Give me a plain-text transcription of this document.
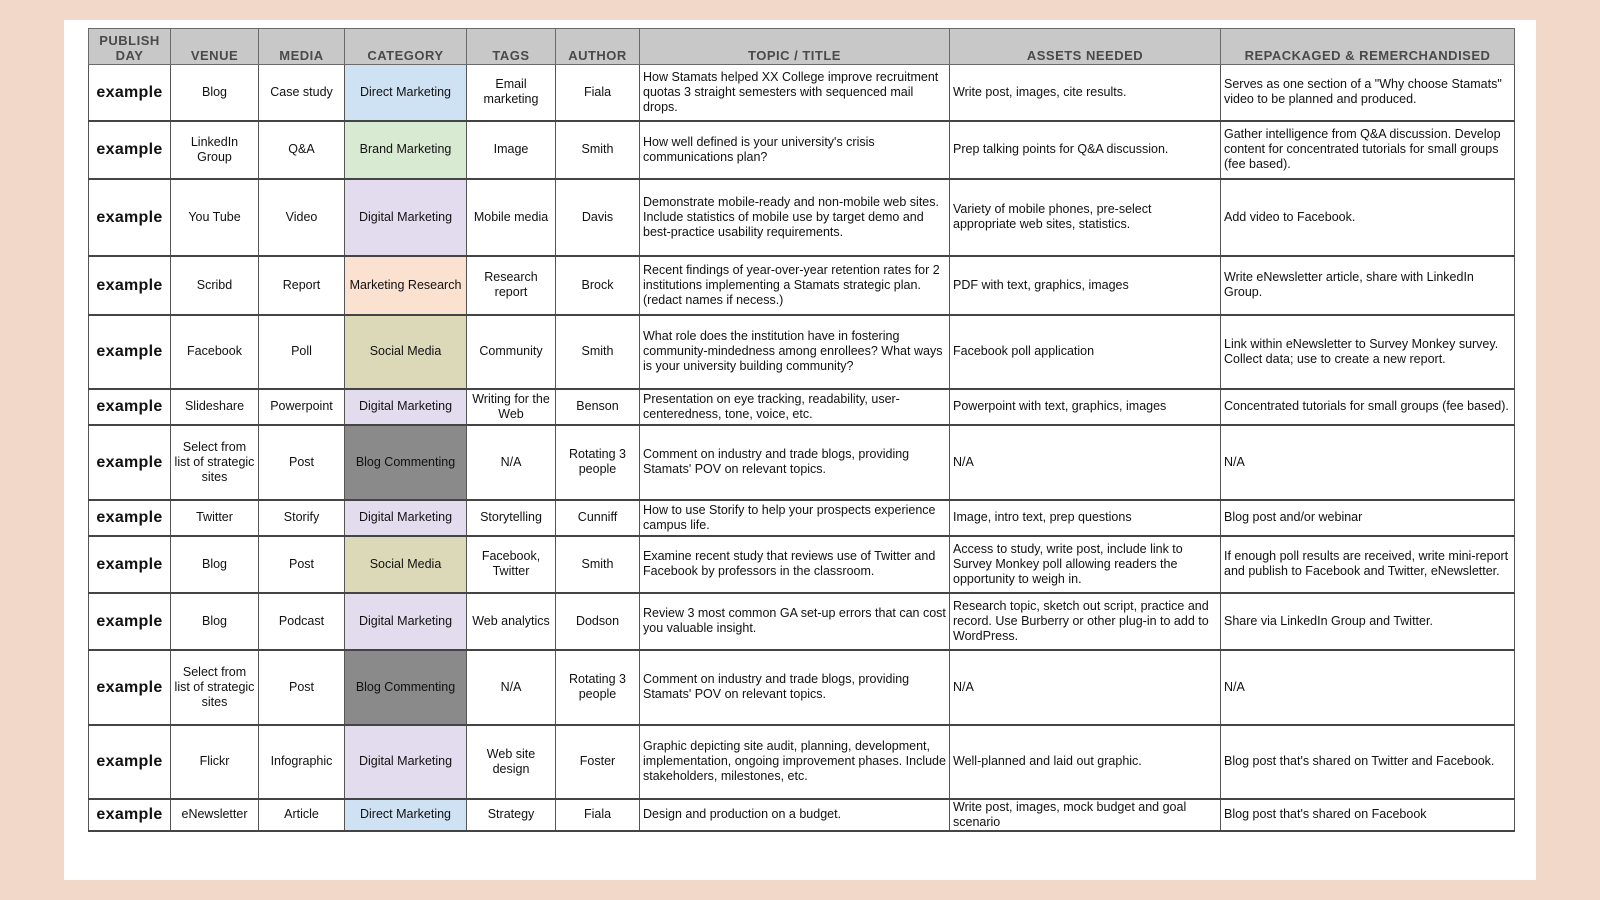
PUBLISH DAY	VENUE	MEDIA	CATEGORY	TAGS	AUTHOR	TOPIC / TITLE	ASSETS NEEDED	REPACKAGED & REMERCHANDISED
example	Blog	Case study	Direct Marketing	Email marketing	Fiala	How Stamats helped XX College improve recruitment quotas 3 straight semesters with sequenced mail drops.	Write post, images, cite results.	Serves as one section of a "Why choose Stamats" video to be planned and produced.
example	LinkedIn Group	Q&A	Brand Marketing	Image	Smith	How well defined is your university's crisis communications plan?	Prep talking points for Q&A discussion.	Gather intelligence from Q&A discussion. Develop content for concentrated tutorials for small groups (fee based).
example	You Tube	Video	Digital Marketing	Mobile media	Davis	Demonstrate mobile-ready and non-mobile web sites. Include statistics of mobile use by target demo and best-practice usability requirements.	Variety of mobile phones, pre-select appropriate web sites, statistics.	Add video to Facebook.
example	Scribd	Report	Marketing Research	Research report	Brock	Recent findings of year-over-year retention rates for 2 institutions implementing a Stamats strategic plan. (redact names if necess.)	PDF with text, graphics, images	Write eNewsletter article, share with LinkedIn Group.
example	Facebook	Poll	Social Media	Community	Smith	What role does the institution have in fostering community-mindedness among enrollees? What ways is your university building community?	Facebook poll application	Link within eNewsletter to Survey Monkey survey. Collect data; use to create a new report.
example	Slideshare	Powerpoint	Digital Marketing	Writing for the Web	Benson	Presentation on eye tracking, readability, user-centeredness, tone, voice, etc.	Powerpoint with text, graphics, images	Concentrated tutorials for small groups (fee based).
example	Select from list of strategic sites	Post	Blog Commenting	N/A	Rotating 3 people	Comment on industry and trade blogs, providing Stamats' POV on relevant topics.	N/A	N/A
example	Twitter	Storify	Digital Marketing	Storytelling	Cunniff	How to use Storify to help your prospects experience campus life.	Image, intro text, prep questions	Blog post and/or webinar
example	Blog	Post	Social Media	Facebook, Twitter	Smith	Examine recent study that reviews use of Twitter and Facebook by professors in the classroom.	Access to study, write post, include link to Survey Monkey poll allowing readers the opportunity to weigh in.	If enough poll results are received, write mini-report and publish to Facebook and Twitter, eNewsletter.
example	Blog	Podcast	Digital Marketing	Web analytics	Dodson	Review 3 most common GA set-up errors that can cost you valuable insight.	Research topic, sketch out script, practice and record. Use Burberry or other plug-in to add to WordPress.	Share via LinkedIn Group and Twitter.
example	Select from list of strategic sites	Post	Blog Commenting	N/A	Rotating 3 people	Comment on industry and trade blogs, providing Stamats' POV on relevant topics.	N/A	N/A
example	Flickr	Infographic	Digital Marketing	Web site design	Foster	Graphic depicting site audit, planning, development, implementation, ongoing improvement phases. Include stakeholders, milestones, etc.	Well-planned and laid out graphic.	Blog post that's shared on Twitter and Facebook.
example	eNewsletter	Article	Direct Marketing	Strategy	Fiala	Design and production on a budget.	Write post, images, mock budget and goal scenario	Blog post that's shared on Facebook
